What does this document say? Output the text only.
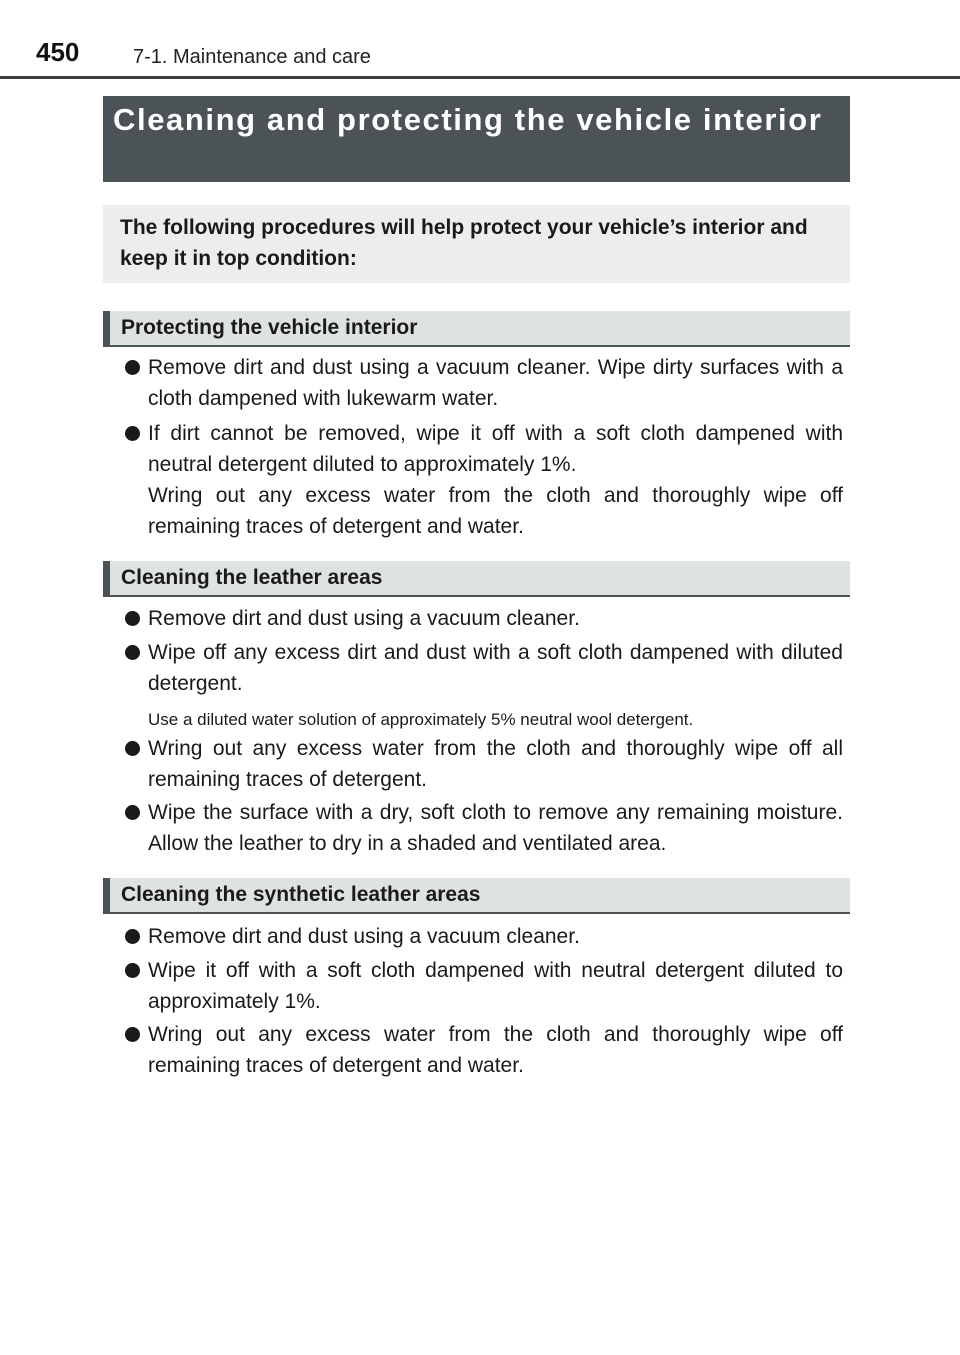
450	7-1. Maintenance and care
Cleaning and protecting the vehicle interior
The following procedures will help protect your vehicle’s interior and keep it in top condition:
Protecting the vehicle interior

Remove dirt and dust using a vacuum cleaner. Wipe dirty surfaces with a cloth dampened with lukewarm water.

If dirt cannot be removed, wipe it off with a soft cloth dampened with neutral detergent diluted to approximately 1%.

Wring out any excess water from the cloth and thoroughly wipe off remaining traces of detergent and water.

Cleaning the leather areas

Remove dirt and dust using a vacuum cleaner.

Wipe off any excess dirt and dust with a soft cloth dampened with diluted detergent.

Use a diluted water solution of approximately 5% neutral wool detergent.

Wring out any excess water from the cloth and thoroughly wipe off all remaining traces of detergent.

Wipe the surface with a dry, soft cloth to remove any remaining moisture. Allow the leather to dry in a shaded and ventilated area.

Cleaning the synthetic leather areas

Remove dirt and dust using a vacuum cleaner.

Wipe it off with a soft cloth dampened with neutral detergent diluted to approximately 1%.

Wring out any excess water from the cloth and thoroughly wipe off remaining traces of detergent and water.
